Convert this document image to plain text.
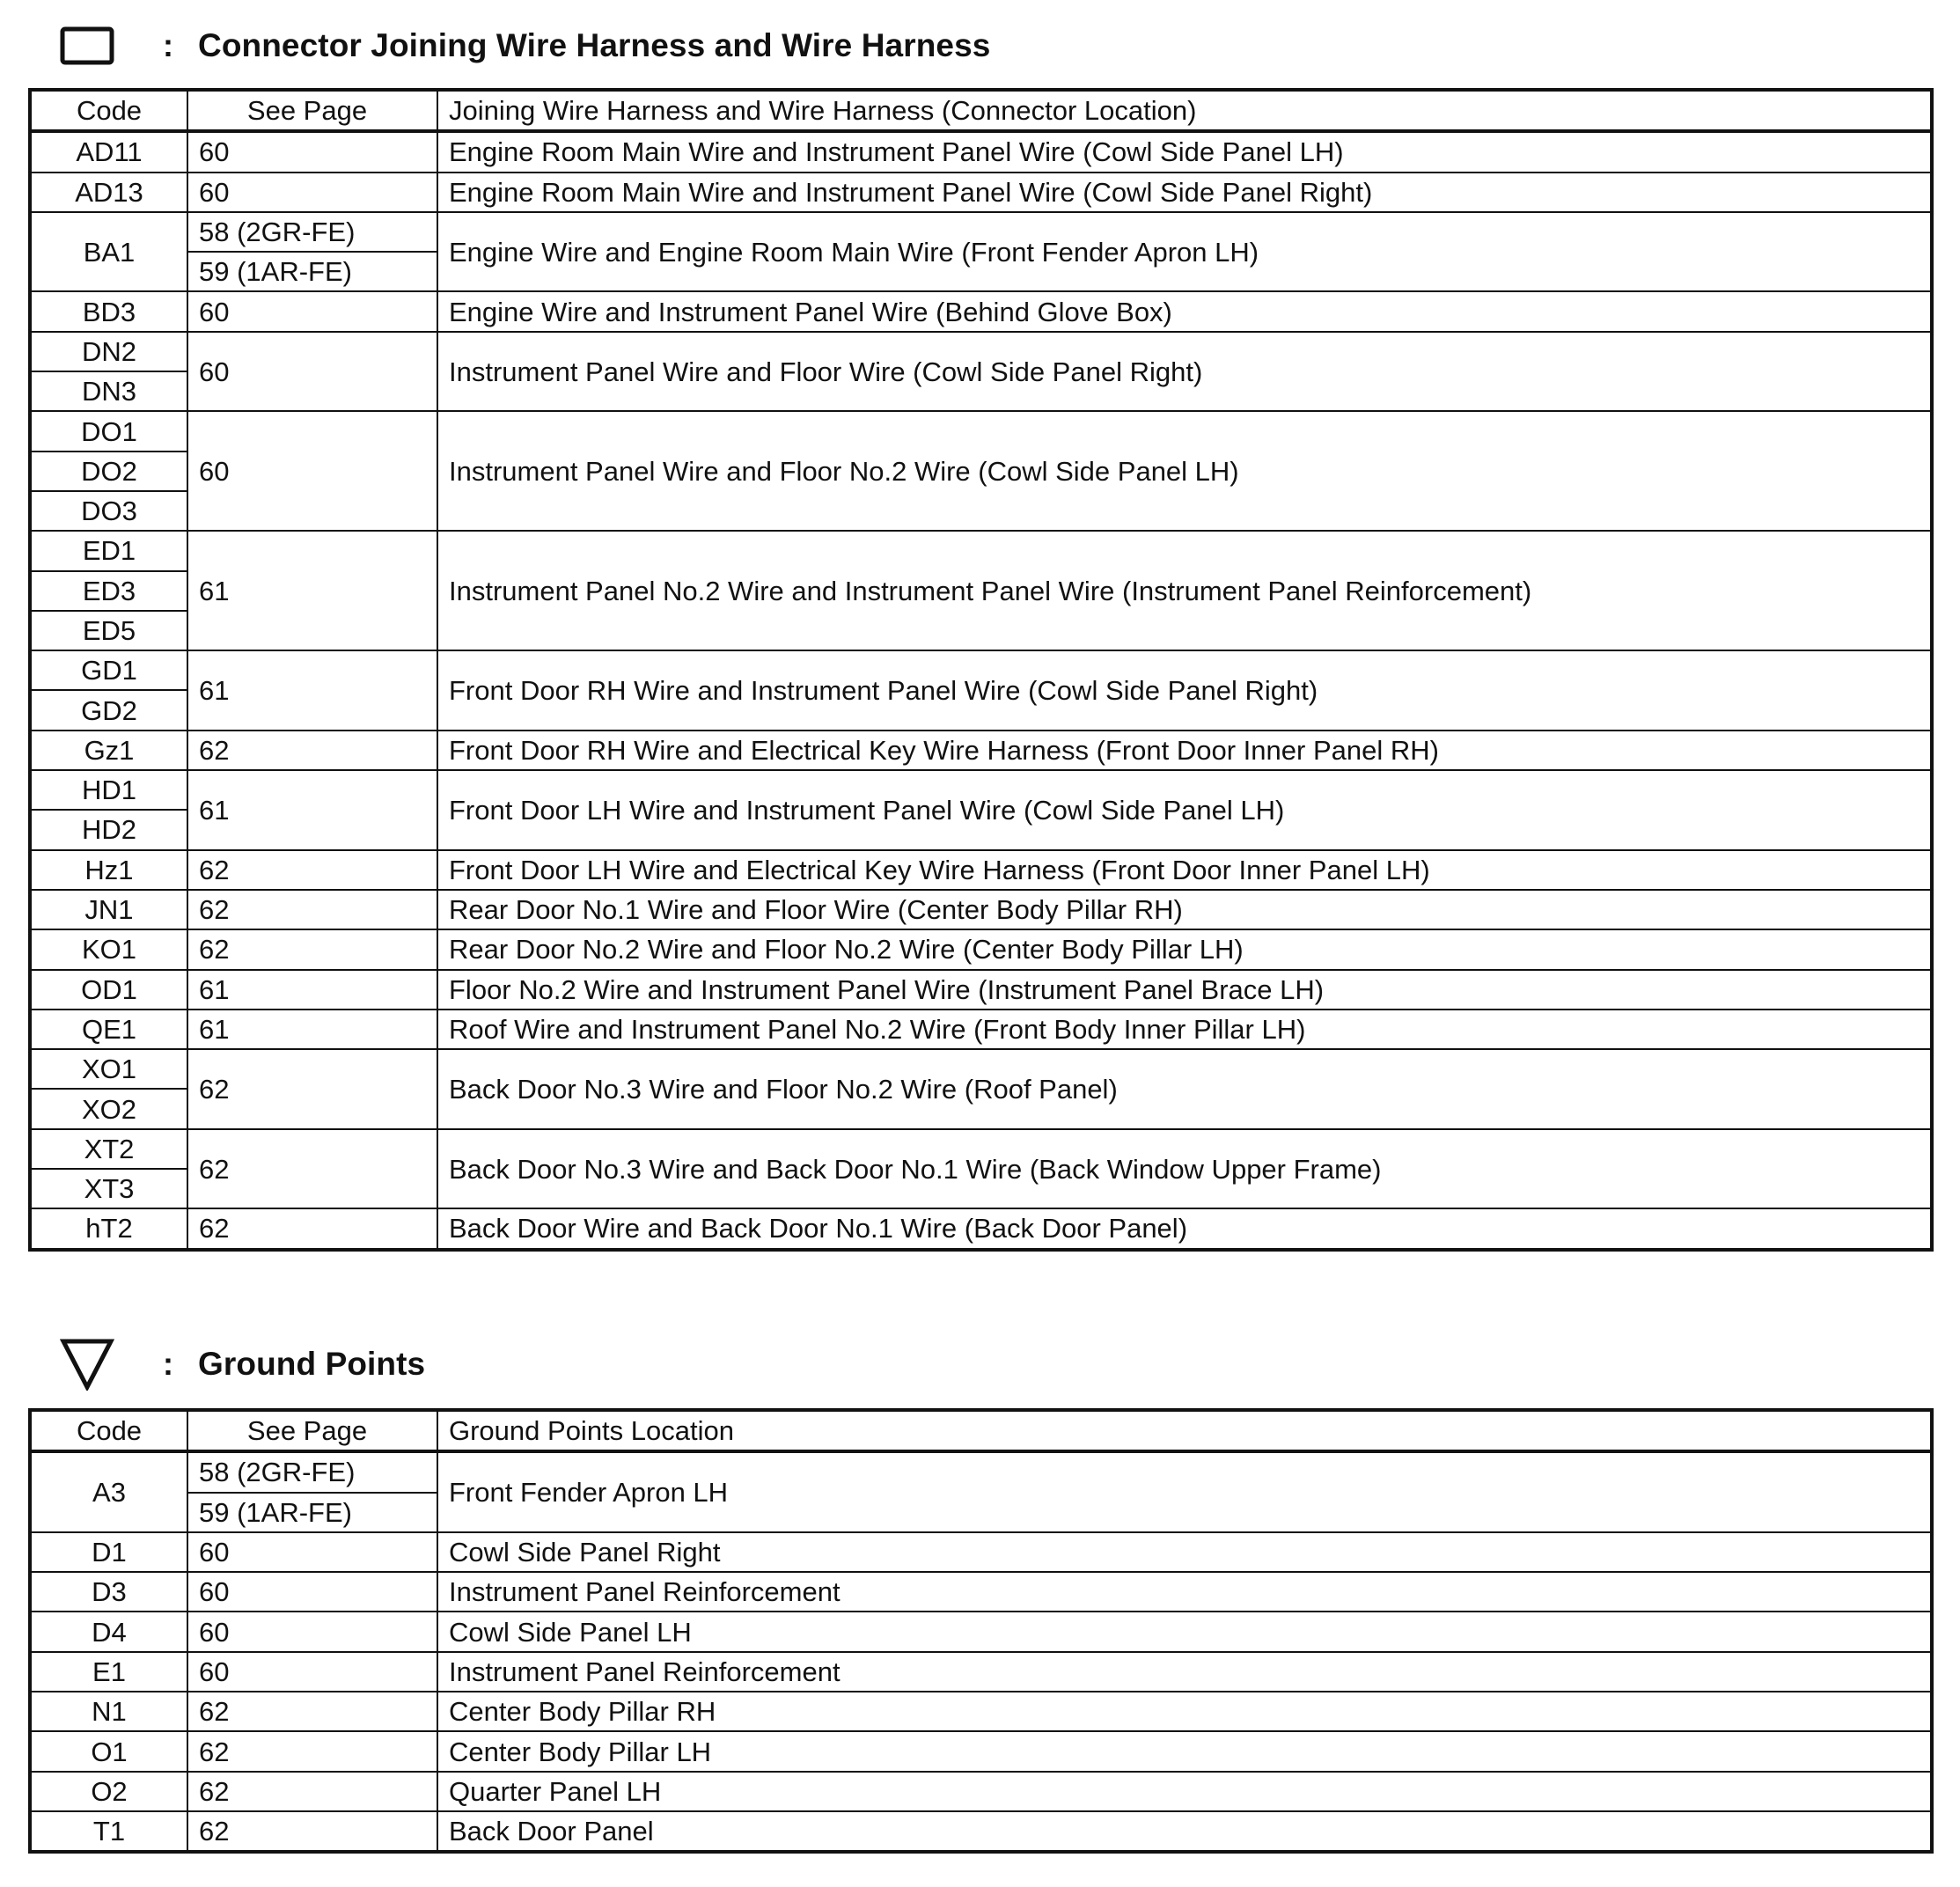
: Connector Joining Wire Harness and Wire Harness
Code	See Page	Joining Wire Harness and Wire Harness (Connector Location)
AD11	60	Engine Room Main Wire and Instrument Panel Wire (Cowl Side Panel LH)
AD13	60	Engine Room Main Wire and Instrument Panel Wire (Cowl Side Panel Right)
BA1	58 (2GR-FE)	Engine Wire and Engine Room Main Wire (Front Fender Apron LH)
	59 (1AR-FE)	
BD3	60	Engine Wire and Instrument Panel Wire (Behind Glove Box)
DN2	60	Instrument Panel Wire and Floor Wire (Cowl Side Panel Right)
DN3		
DO1	60	Instrument Panel Wire and Floor No.2 Wire (Cowl Side Panel LH)
DO2		
DO3		
ED1	61	Instrument Panel No.2 Wire and Instrument Panel Wire (Instrument Panel Reinforcement)
ED3		
ED5		
GD1	61	Front Door RH Wire and Instrument Panel Wire (Cowl Side Panel Right)
GD2		
Gz1	62	Front Door RH Wire and Electrical Key Wire Harness (Front Door Inner Panel RH)
HD1	61	Front Door LH Wire and Instrument Panel Wire (Cowl Side Panel LH)
HD2		
Hz1	62	Front Door LH Wire and Electrical Key Wire Harness (Front Door Inner Panel LH)
JN1	62	Rear Door No.1 Wire and Floor Wire (Center Body Pillar RH)
KO1	62	Rear Door No.2 Wire and Floor No.2 Wire (Center Body Pillar LH)
OD1	61	Floor No.2 Wire and Instrument Panel Wire (Instrument Panel Brace LH)
QE1	61	Roof Wire and Instrument Panel No.2 Wire (Front Body Inner Pillar LH)
XO1	62	Back Door No.3 Wire and Floor No.2 Wire (Roof Panel)
XO2		
XT2	62	Back Door No.3 Wire and Back Door No.1 Wire (Back Window Upper Frame)
XT3		
hT2	62	Back Door Wire and Back Door No.1 Wire (Back Door Panel)
: Ground Points
Code	See Page	Ground Points Location
A3	58 (2GR-FE)	Front Fender Apron LH
	59 (1AR-FE)	
D1	60	Cowl Side Panel Right
D3	60	Instrument Panel Reinforcement
D4	60	Cowl Side Panel LH
E1	60	Instrument Panel Reinforcement
N1	62	Center Body Pillar RH
O1	62	Center Body Pillar LH
O2	62	Quarter Panel LH
T1	62	Back Door Panel
